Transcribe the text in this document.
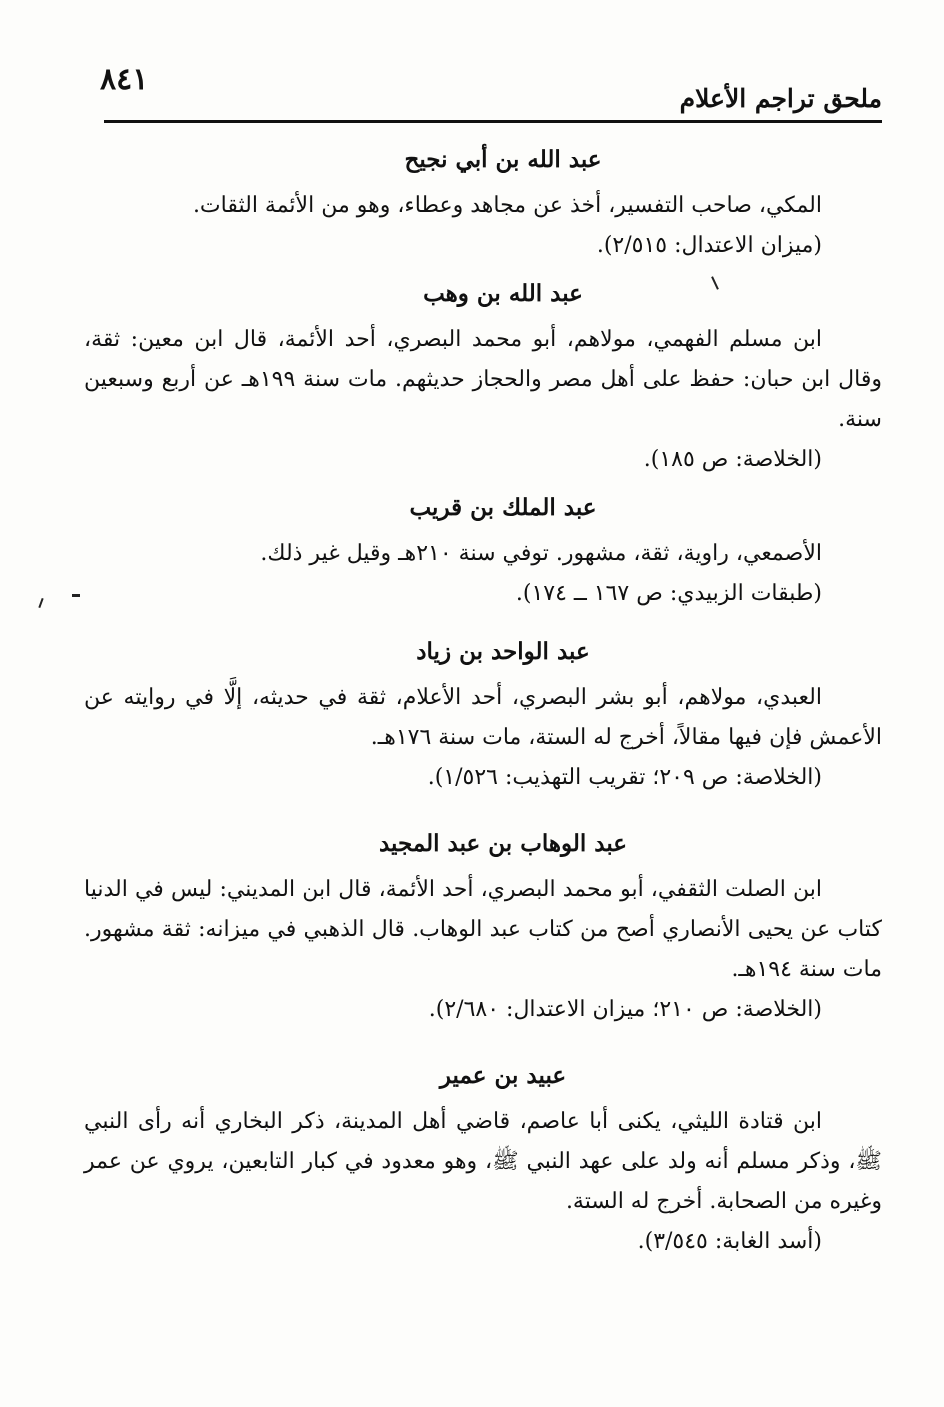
٨٤١
ملحق تراجم الأعلام
عبد الله بن أبي نجيح

المكي، صاحب التفسير، أخذ عن مجاهد وعطاء، وهو من الأئمة الثقات.

(ميزان الاعتدال: ٢/٥١٥).

عبد الله بن وهب

ابن مسلم الفهمي، مولاهم، أبو محمد البصري، أحد الأئمة، قال ابن معين: ثقة، وقال ابن حبان: حفظ على أهل مصر والحجاز حديثهم. مات سنة ١٩٩هـ عن أربع وسبعين سنة.

(الخلاصة: ص ١٨٥).

عبد الملك بن قريب

الأصمعي، راوية، ثقة، مشهور. توفي سنة ٢١٠هـ وقيل غير ذلك.

(طبقات الزبيدي: ص ١٦٧ ــ ١٧٤).

عبد الواحد بن زياد

العبدي، مولاهم، أبو بشر البصري، أحد الأعلام، ثقة في حديثه، إلَّا في روايته عن الأعمش فإن فيها مقالاً، أخرج له الستة، مات سنة ١٧٦هـ.

(الخلاصة: ص ٢٠٩؛ تقريب التهذيب: ١/٥٢٦).

عبد الوهاب بن عبد المجيد

ابن الصلت الثقفي، أبو محمد البصري، أحد الأئمة، قال ابن المديني: ليس في الدنيا كتاب عن يحيى الأنصاري أصح من كتاب عبد الوهاب. قال الذهبي في ميزانه: ثقة مشهور. مات سنة ١٩٤هـ.

(الخلاصة: ص ٢١٠؛ ميزان الاعتدال: ٢/٦٨٠).

عبيد بن عمير

ابن قتادة الليثي، يكنى أبا عاصم، قاضي أهل المدينة، ذكر البخاري أنه رأى النبي ﷺ، وذكر مسلم أنه ولد على عهد النبي ﷺ، وهو معدود في كبار التابعين، يروي عن عمر وغيره من الصحابة. أخرج له الستة.

(أسد الغابة: ٣/٥٤٥).
